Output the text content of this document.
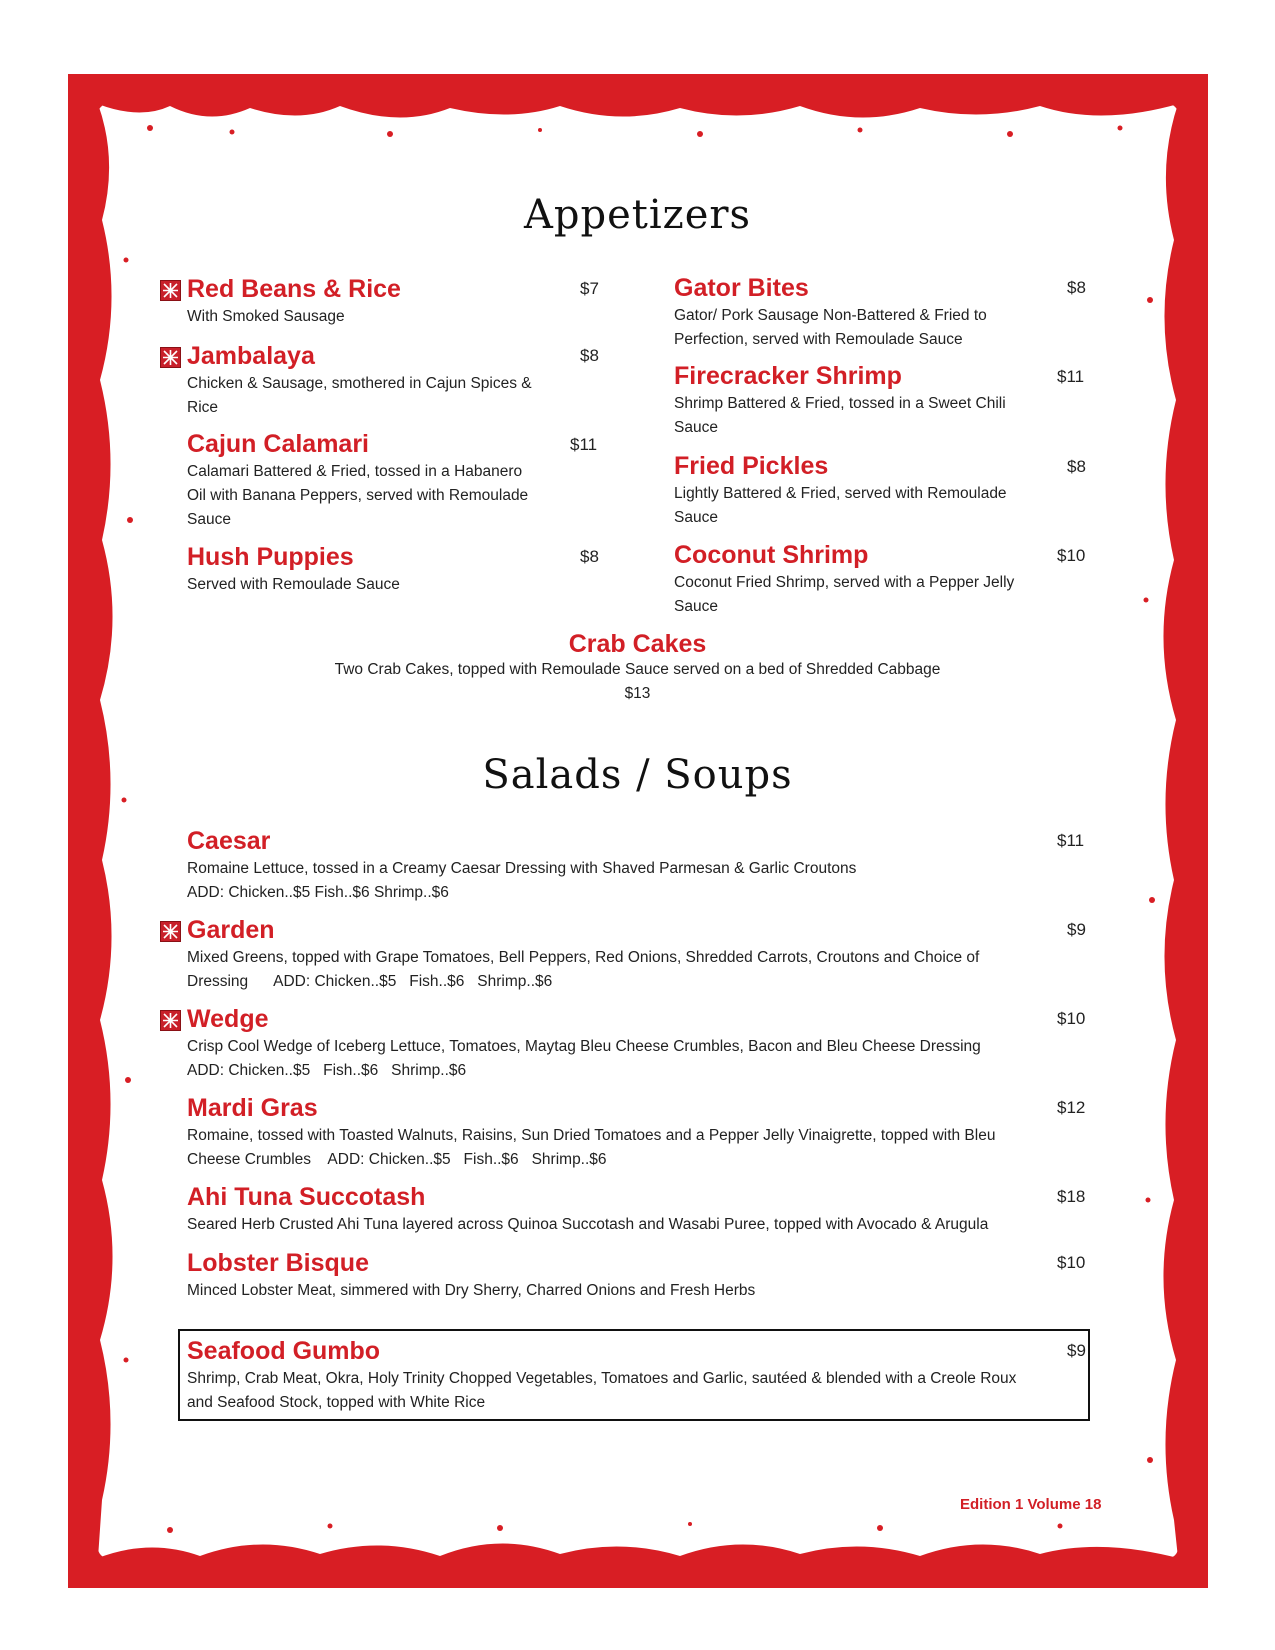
Appetizers
Red Beans & Rice
With Smoked Sausage
$7
Jambalaya
Chicken & Sausage, smothered in Cajun Spices & Rice
$8
Cajun Calamari
Calamari Battered & Fried, tossed in a Habanero Oil with Banana Peppers, served with Remoulade Sauce
$11
Hush Puppies
Served with Remoulade Sauce
$8
Gator Bites
Gator/ Pork Sausage Non-Battered & Fried to Perfection, served with Remoulade Sauce
$8
Firecracker Shrimp
Shrimp Battered & Fried, tossed in a Sweet Chili Sauce
$11
Fried Pickles
Lightly Battered & Fried, served with Remoulade Sauce
$8
Coconut Shrimp
Coconut Fried Shrimp, served with a Pepper Jelly Sauce
$10
Crab Cakes
Two Crab Cakes, topped with Remoulade Sauce served on a bed of Shredded Cabbage
$13
Salads / Soups
Caesar
Romaine Lettuce, tossed in a Creamy Caesar Dressing with Shaved Parmesan & Garlic Croutons
ADD: Chicken..$5 Fish..$6 Shrimp..$6
$11
Garden
Mixed Greens, topped with Grape Tomatoes, Bell Peppers, Red Onions, Shredded Carrots, Croutons and Choice of
Dressing      ADD: Chicken..$5   Fish..$6   Shrimp..$6
$9
Wedge
Crisp Cool Wedge of Iceberg Lettuce, Tomatoes, Maytag Bleu Cheese Crumbles, Bacon and Bleu Cheese Dressing
ADD: Chicken..$5   Fish..$6   Shrimp..$6
$10
Mardi Gras
Romaine, tossed with Toasted Walnuts, Raisins, Sun Dried Tomatoes and a Pepper Jelly Vinaigrette, topped with Bleu
Cheese Crumbles    ADD: Chicken..$5   Fish..$6   Shrimp..$6
$12
Ahi Tuna Succotash
Seared Herb Crusted Ahi Tuna layered across Quinoa Succotash and Wasabi Puree, topped with Avocado & Arugula
$18
Lobster Bisque
Minced Lobster Meat, simmered with Dry Sherry, Charred Onions and Fresh Herbs
$10
Seafood Gumbo
Shrimp, Crab Meat, Okra, Holy Trinity Chopped Vegetables, Tomatoes and Garlic, sautéed & blended with a Creole Roux
and Seafood Stock, topped with White Rice
$9
Edition 1 Volume 18
